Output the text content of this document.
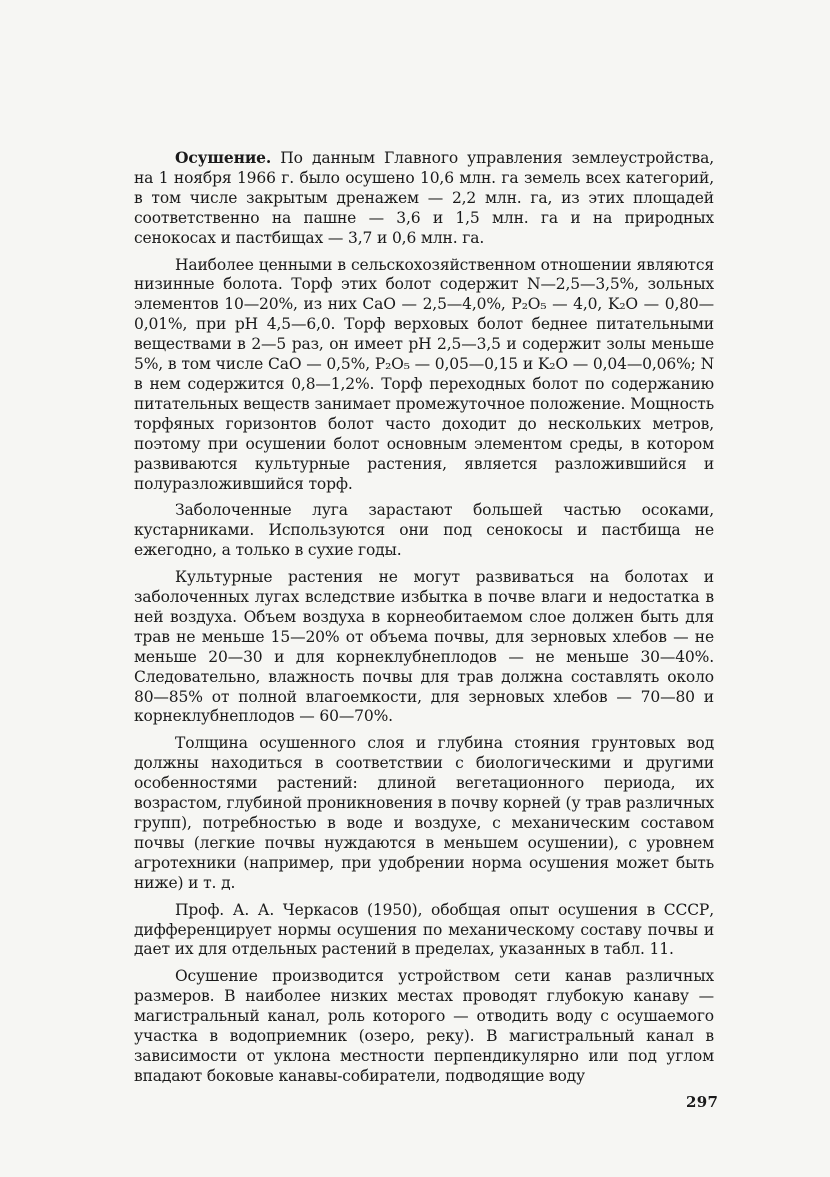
Осушение. По данным Главного управления землеустройства, на 1 ноября 1966 г. было осушено 10,6 млн. га земель всех категорий, в том числе закрытым дренажем — 2,2 млн. га, из этих площадей соответственно на пашне — 3,6 и 1,5 млн. га и на природных сенокосах и пастбищах — 3,7 и 0,6 млн. га.

Наиболее ценными в сельскохозяйственном отношении являются низинные болота. Торф этих болот содержит N—2,5—3,5%, зольных элементов 10—20%, из них CaO — 2,5—4,0%, P₂O₅ — 4,0, K₂O — 0,80—0,01%, при pH 4,5—6,0. Торф верховых болот беднее питательными веществами в 2—5 раз, он имеет pH 2,5—3,5 и содержит золы меньше 5%, в том числе CaO — 0,5%, P₂O₅ — 0,05—0,15 и K₂O — 0,04—0,06%; N в нем содержится 0,8—1,2%. Торф переходных болот по содержанию питательных веществ занимает промежуточное положение. Мощность торфяных горизонтов болот часто доходит до нескольких метров, поэтому при осушении болот основным элементом среды, в котором развиваются культурные растения, является разложившийся и полуразложившийся торф.

Заболоченные луга зарастают большей частью осоками, кустарниками. Используются они под сенокосы и пастбища не ежегодно, а только в сухие годы.

Культурные растения не могут развиваться на болотах и заболоченных лугах вследствие избытка в почве влаги и недостатка в ней воздуха. Объем воздуха в корнеобитаемом слое должен быть для трав не меньше 15—20% от объема почвы, для зерновых хлебов — не меньше 20—30 и для корнеклубнеплодов — не меньше 30—40%. Следовательно, влажность почвы для трав должна составлять около 80—85% от полной влагоемкости, для зерновых хлебов — 70—80 и корнеклубнеплодов — 60—70%.

Толщина осушенного слоя и глубина стояния грунтовых вод должны находиться в соответствии с биологическими и другими особенностями растений: длиной вегетационного периода, их возрастом, глубиной проникновения в почву корней (у трав различных групп), потребностью в воде и воздухе, с механическим составом почвы (легкие почвы нуждаются в меньшем осушении), с уровнем агротехники (например, при удобрении норма осушения может быть ниже) и т. д.

Проф. А. А. Черкасов (1950), обобщая опыт осушения в СССР, дифференцирует нормы осушения по механическому составу почвы и дает их для отдельных растений в пределах, указанных в табл. 11.

Осушение производится устройством сети канав различных размеров. В наиболее низких местах проводят глубокую канаву — магистральный канал, роль которого — отводить воду с осушаемого участка в водоприемник (озеро, реку). В магистральный канал в зависимости от уклона местности перпендикулярно или под углом впадают боковые канавы-собиратели, подводящие воду

297
